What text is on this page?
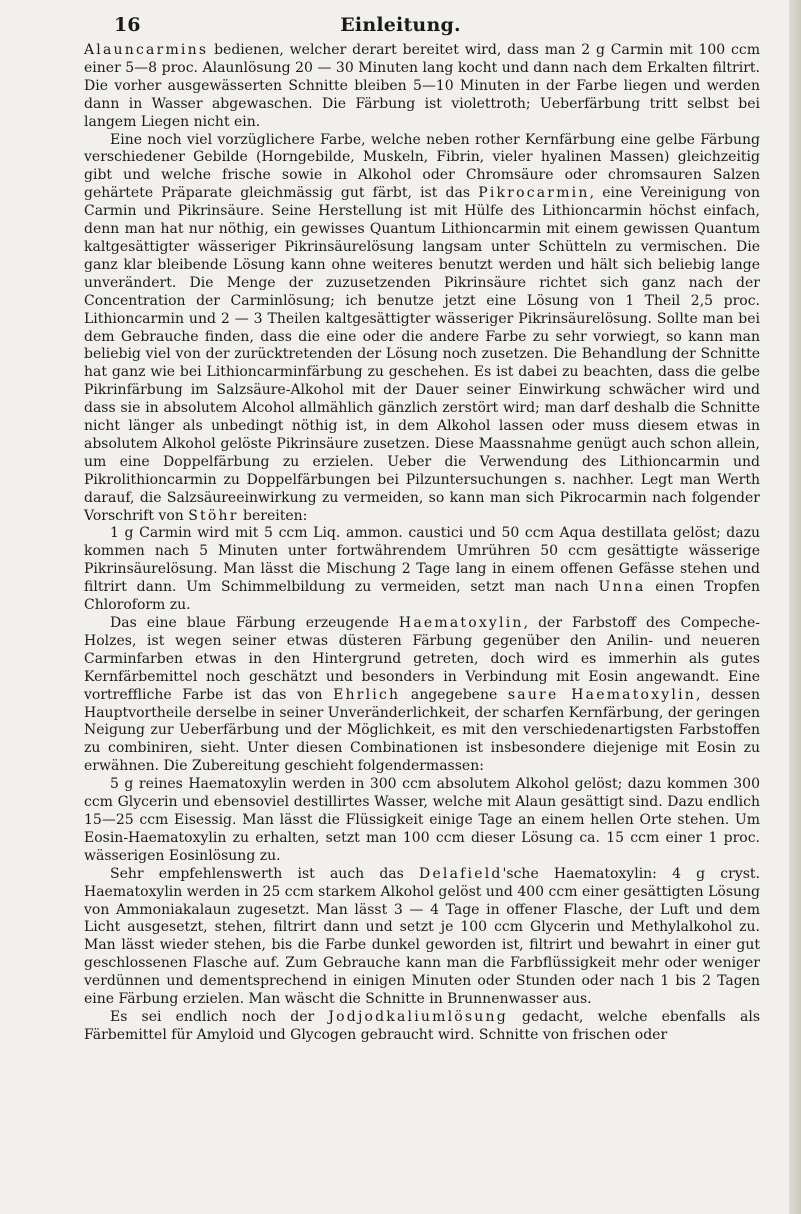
16	Einleitung.

Alauncarmins bedienen, welcher derart bereitet wird, dass man 2 g Carmin mit 100 ccm einer 5—8 proc. Alaunlösung 20 — 30 Minuten lang kocht und dann nach dem Erkalten filtrirt. Die vorher ausgewässerten Schnitte bleiben 5—10 Minuten in der Farbe liegen und werden dann in Wasser abgewaschen. Die Färbung ist violettroth; Ueberfärbung tritt selbst bei langem Liegen nicht ein.

Eine noch viel vorzüglichere Farbe, welche neben rother Kernfärbung eine gelbe Färbung verschiedener Gebilde (Horngebilde, Muskeln, Fibrin, vieler hyalinen Massen) gleichzeitig gibt und welche frische sowie in Alkohol oder Chromsäure oder chromsauren Salzen gehärtete Präparate gleichmässig gut färbt, ist das Pikrocarmin, eine Vereinigung von Carmin und Pikrinsäure. Seine Herstellung ist mit Hülfe des Lithioncarmin höchst einfach, denn man hat nur nöthig, ein gewisses Quantum Lithioncarmin mit einem gewissen Quantum kaltgesättigter wässeriger Pikrinsäurelösung langsam unter Schütteln zu vermischen. Die ganz klar bleibende Lösung kann ohne weiteres benutzt werden und hält sich beliebig lange unverändert. Die Menge der zuzusetzenden Pikrinsäure richtet sich ganz nach der Concentration der Carminlösung; ich benutze jetzt eine Lösung von 1 Theil 2,5 proc. Lithioncarmin und 2 — 3 Theilen kaltgesättigter wässeriger Pikrinsäurelösung. Sollte man bei dem Gebrauche finden, dass die eine oder die andere Farbe zu sehr vorwiegt, so kann man beliebig viel von der zurücktretenden der Lösung noch zusetzen. Die Behandlung der Schnitte hat ganz wie bei Lithioncarminfärbung zu geschehen. Es ist dabei zu beachten, dass die gelbe Pikrinfärbung im Salzsäure-Alkohol mit der Dauer seiner Einwirkung schwächer wird und dass sie in absolutem Alcohol allmählich gänzlich zerstört wird; man darf deshalb die Schnitte nicht länger als unbedingt nöthig ist, in dem Alkohol lassen oder muss diesem etwas in absolutem Alkohol gelöste Pikrinsäure zusetzen. Diese Maassnahme genügt auch schon allein, um eine Doppelfärbung zu erzielen. Ueber die Verwendung des Lithioncarmin und Pikrolithioncarmin zu Doppelfärbungen bei Pilzuntersuchungen s. nachher. Legt man Werth darauf, die Salzsäureeinwirkung zu vermeiden, so kann man sich Pikrocarmin nach folgender Vorschrift von Stöhr bereiten:

1 g Carmin wird mit 5 ccm Liq. ammon. caustici und 50 ccm Aqua destillata gelöst; dazu kommen nach 5 Minuten unter fortwährendem Umrühren 50 ccm gesättigte wässerige Pikrinsäurelösung. Man lässt die Mischung 2 Tage lang in einem offenen Gefässe stehen und filtrirt dann. Um Schimmelbildung zu vermeiden, setzt man nach Unna einen Tropfen Chloroform zu.

Das eine blaue Färbung erzeugende Haematoxylin, der Farbstoff des Compeche-Holzes, ist wegen seiner etwas düsteren Färbung gegenüber den Anilin- und neueren Carminfarben etwas in den Hintergrund getreten, doch wird es immerhin als gutes Kernfärbemittel noch geschätzt und besonders in Verbindung mit Eosin angewandt. Eine vortreffliche Farbe ist das von Ehrlich angegebene saure Haematoxylin, dessen Hauptvortheile derselbe in seiner Unveränderlichkeit, der scharfen Kernfärbung, der geringen Neigung zur Ueberfärbung und der Möglichkeit, es mit den verschiedenartigsten Farbstoffen zu combiniren, sieht. Unter diesen Combinationen ist insbesondere diejenige mit Eosin zu erwähnen. Die Zubereitung geschieht folgendermassen:

5 g reines Haematoxylin werden in 300 ccm absolutem Alkohol gelöst; dazu kommen 300 ccm Glycerin und ebensoviel destillirtes Wasser, welche mit Alaun gesättigt sind. Dazu endlich 15—25 ccm Eisessig. Man lässt die Flüssigkeit einige Tage an einem hellen Orte stehen. Um Eosin-Haematoxylin zu erhalten, setzt man 100 ccm dieser Lösung ca. 15 ccm einer 1 proc. wässerigen Eosinlösung zu.

Sehr empfehlenswerth ist auch das Delafield'sche Haematoxylin: 4 g cryst. Haematoxylin werden in 25 ccm starkem Alkohol gelöst und 400 ccm einer gesättigten Lösung von Ammoniakalaun zugesetzt. Man lässt 3 — 4 Tage in offener Flasche, der Luft und dem Licht ausgesetzt, stehen, filtrirt dann und setzt je 100 ccm Glycerin und Methylalkohol zu. Man lässt wieder stehen, bis die Farbe dunkel geworden ist, filtrirt und bewahrt in einer gut geschlossenen Flasche auf. Zum Gebrauche kann man die Farbflüssigkeit mehr oder weniger verdünnen und dementsprechend in einigen Minuten oder Stunden oder nach 1 bis 2 Tagen eine Färbung erzielen. Man wäscht die Schnitte in Brunnenwasser aus.

Es sei endlich noch der Jodjodkaliumlösung gedacht, welche ebenfalls als Färbemittel für Amyloid und Glycogen gebraucht wird. Schnitte von frischen oder
